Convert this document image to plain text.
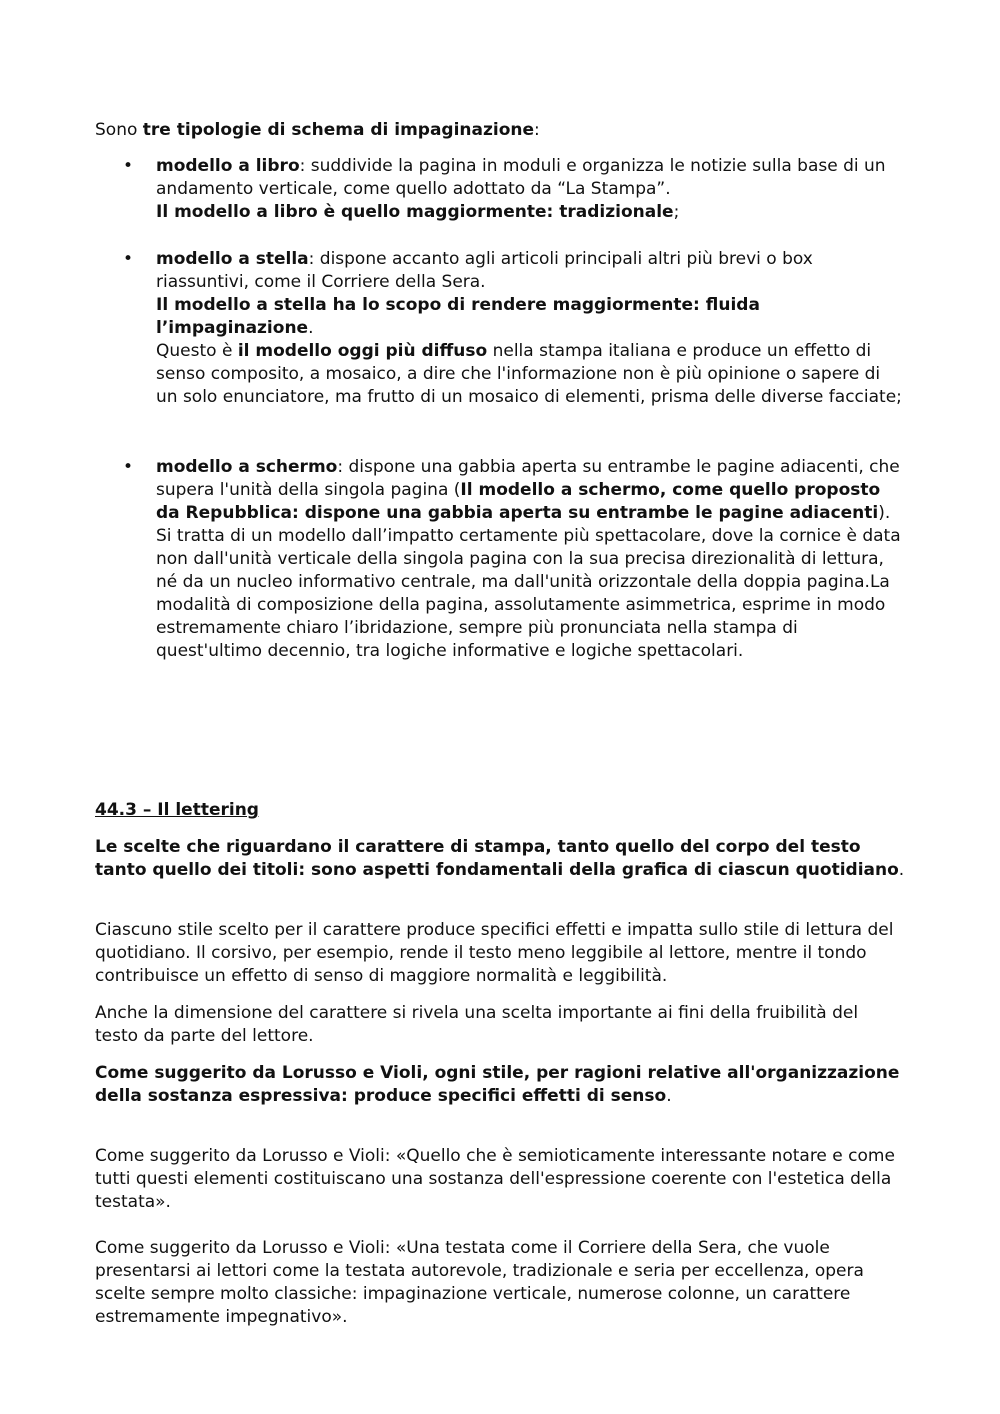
Sono tre tipologie di schema di impaginazione:

• modello a libro: suddivide la pagina in moduli e organizza le notizie sulla base di un andamento verticale, come quello adottato da “La Stampa”.
Il modello a libro è quello maggiormente: tradizionale;
• modello a stella: dispone accanto agli articoli principali altri più brevi o box riassuntivi, come il Corriere della Sera.
Il modello a stella ha lo scopo di rendere maggiormente: fluida l’impaginazione.
Questo è il modello oggi più diffuso nella stampa italiana e produce un effetto di senso composito, a mosaico, a dire che l'informazione non è più opinione o sapere di un solo enunciatore, ma frutto di un mosaico di elementi, prisma delle diverse facciate;
• modello a schermo: dispone una gabbia aperta su entrambe le pagine adiacenti, che supera l'unità della singola pagina (Il modello a schermo, come quello proposto da Repubblica: dispone una gabbia aperta su entrambe le pagine adiacenti).
Si tratta di un modello dall’impatto certamente più spettacolare, dove la cornice è data non dall'unità verticale della singola pagina con la sua precisa direzionalità di lettura, né da un nucleo informativo centrale, ma dall'unità orizzontale della doppia pagina.La modalità di composizione della pagina, assolutamente asimmetrica, esprime in modo estremamente chiaro l’ibridazione, sempre più pronunciata nella stampa di quest'ultimo decennio, tra logiche informative e logiche spettacolari.

44.3 – Il lettering

Le scelte che riguardano il carattere di stampa, tanto quello del corpo del testo tanto quello dei titoli: sono aspetti fondamentali della grafica di ciascun quotidiano.

Ciascuno stile scelto per il carattere produce specifici effetti e impatta sullo stile di lettura del quotidiano. Il corsivo, per esempio, rende il testo meno leggibile al lettore, mentre il tondo contribuisce un effetto di senso di maggiore normalità e leggibilità.

Anche la dimensione del carattere si rivela una scelta importante ai fini della fruibilità del testo da parte del lettore.

Come suggerito da Lorusso e Violi, ogni stile, per ragioni relative all'organizzazione della sostanza espressiva: produce specifici effetti di senso.

Come suggerito da Lorusso e Violi: «Quello che è semioticamente interessante notare e come tutti questi elementi costituiscano una sostanza dell'espressione coerente con l'estetica della testata».

Come suggerito da Lorusso e Violi: «Una testata come il Corriere della Sera, che vuole presentarsi ai lettori come la testata autorevole, tradizionale e seria per eccellenza, opera scelte sempre molto classiche: impaginazione verticale, numerose colonne, un carattere estremamente impegnativo».
